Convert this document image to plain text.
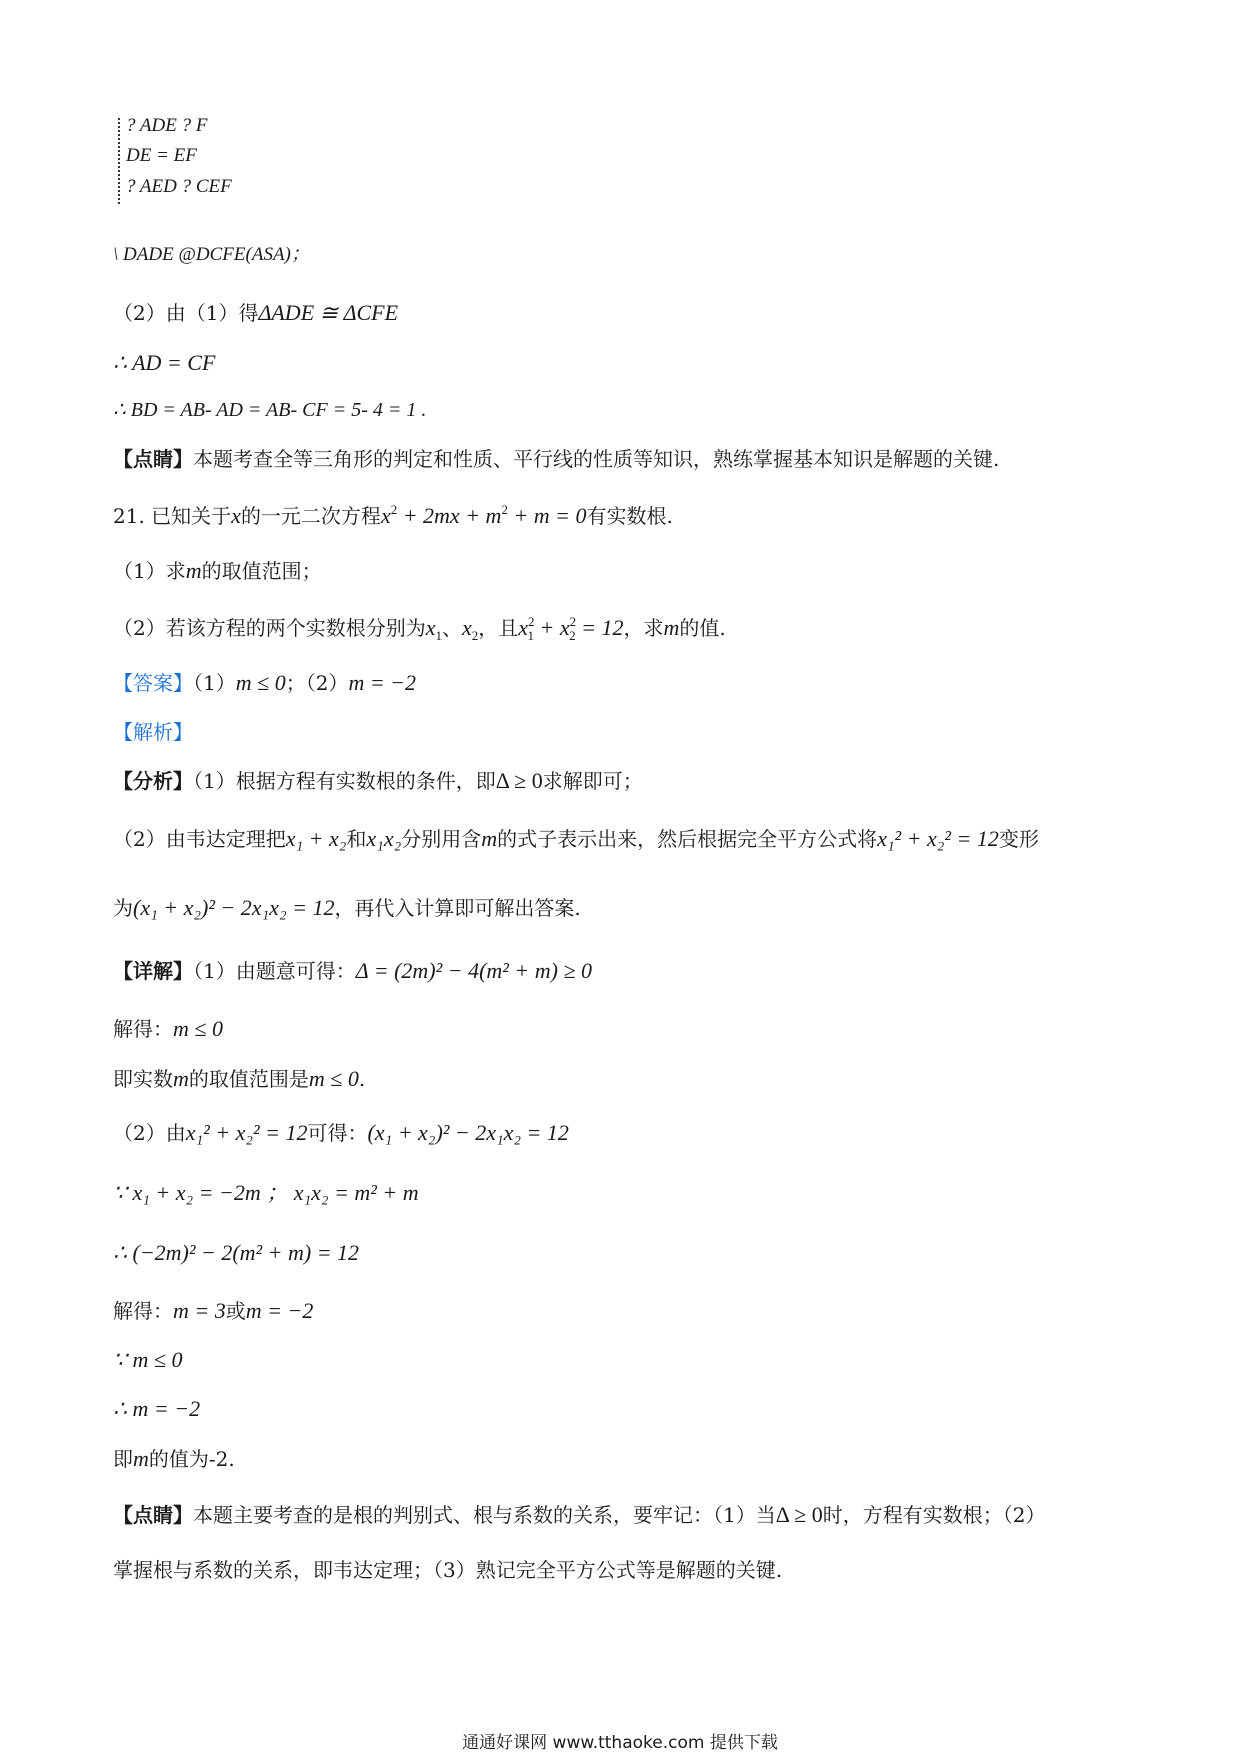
? ADE ? F
DE = EF
? AED ? CEF
\ DADE @DCFE(ASA)；
（2）由（1）得ΔADE ≅ ΔCFE
∴ AD = CF
∴ BD = AB- AD = AB- CF = 5- 4 = 1 .
【点睛】本题考查全等三角形的判定和性质、平行线的性质等知识，熟练掌握基本知识是解题的关键.
21. 已知关于x的一元二次方程$x^2 + 2mx + m^2 + m = 0$有实数根.
（1）求m的取值范围；
（2）若该方程的两个实数根分别为$x_1$、$x_2$，且$x^2_1 + x^2_2 = 12$，求m的值.
【答案】（1）m ≤ 0；（2）m = −2
【解析】
【分析】（1）根据方程有实数根的条件，即Δ ≥ 0求解即可；
（2）由韦达定理把x₁ + x₂和x₁x₂分别用含m的式子表示出来，然后根据完全平方公式将x₁² + x₂² = 12变形
为(x₁ + x₂)² − 2x₁x₂ = 12，再代入计算即可解出答案.
【详解】（1）由题意可得：Δ = (2m)² − 4(m² + m) ≥ 0
解得：m ≤ 0
即实数m的取值范围是m ≤ 0.
（2）由x₁² + x₂² = 12可得：(x₁ + x₂)² − 2x₁x₂ = 12
∵ x₁ + x₂ = −2m ； x₁x₂ = m² + m
∴ (−2m)² − 2(m² + m) = 12
解得：m = 3或m = −2
∵ m ≤ 0
∴ m = −2
即m的值为-2.
【点睛】本题主要考查的是根的判别式、根与系数的关系，要牢记：（1）当Δ ≥ 0时，方程有实数根；（2）
掌握根与系数的关系，即韦达定理；（3）熟记完全平方公式等是解题的关键.
通通好课网 www.tthaoke.com 提供下载
